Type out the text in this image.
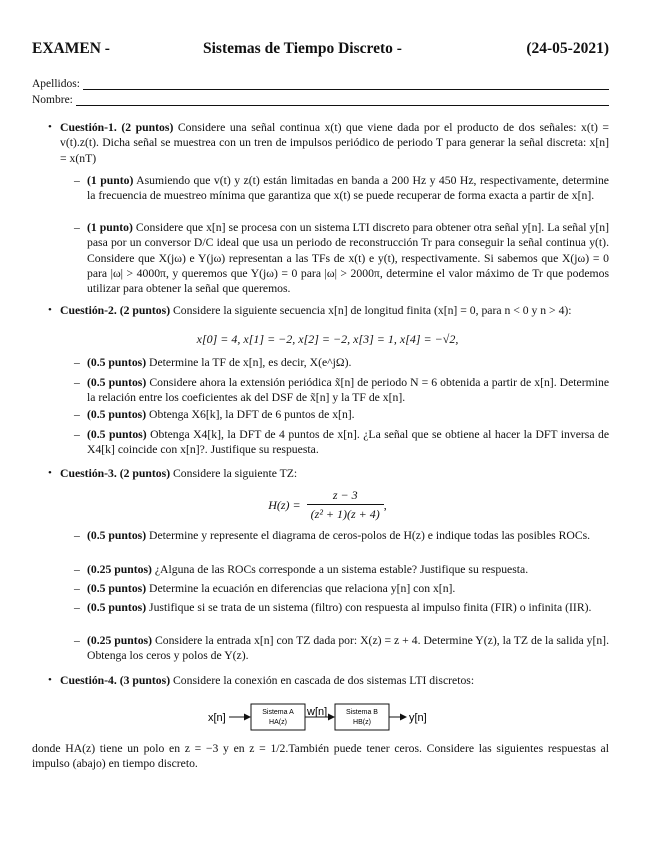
EXAMEN -	Sistemas de Tiempo Discreto -	(24-05-2021)
Apellidos:
Nombre:
• Cuestión-1. (2 puntos) Considere una señal continua x(t) que viene dada por el producto de dos señales: x(t) = v(t).z(t). Dicha señal se muestrea con un tren de impulsos periódico de periodo T para generar la señal discreta: x[n] = x(nT)
– (1 punto) Asumiendo que v(t) y z(t) están limitadas en banda a 200 Hz y 450 Hz, respectivamente, determine la frecuencia de muestreo mínima que garantiza que x(t) se puede recuperar de forma exacta a partir de x[n].
– (1 punto) Considere que x[n] se procesa con un sistema LTI discreto para obtener otra señal y[n]. La señal y[n] pasa por un conversor D/C ideal que usa un periodo de reconstrucción Tr para conseguir la señal continua y(t). Considere que X(jω) e Y(jω) representan a las TFs de x(t) e y(t), respectivamente. Si sabemos que X(jω) = 0 para |ω| > 4000π, y queremos que Y(jω) = 0 para |ω| > 2000π, determine el valor máximo de Tr que podemos utilizar para obtener la señal que queremos.
• Cuestión-2. (2 puntos) Considere la siguiente secuencia x[n] de longitud finita (x[n] = 0, para n < 0 y n > 4):
x[0] = 4, x[1] = −2, x[2] = −2, x[3] = 1, x[4] = −√2,
– (0.5 puntos) Determine la TF de x[n], es decir, X(e^jΩ).
– (0.5 puntos) Considere ahora la extensión periódica x̃[n] de periodo N = 6 obtenida a partir de x[n]. Determine la relación entre los coeficientes ak del DSF de x̃[n] y la TF de x[n].
– (0.5 puntos) Obtenga X6[k], la DFT de 6 puntos de x[n].
– (0.5 puntos) Obtenga X4[k], la DFT de 4 puntos de x[n]. ¿La señal que se obtiene al hacer la DFT inversa de X4[k] coincide con x[n]?. Justifique su respuesta.
• Cuestión-3. (2 puntos) Considere la siguiente TZ:
$H(z) = \frac{z - 3}{\text{(z² + 1)(z + 4)}}$ ,
– (0.5 puntos) Determine y represente el diagrama de ceros-polos de H(z) e indique todas las posibles ROCs.
– (0.25 puntos) ¿Alguna de las ROCs corresponde a un sistema estable? Justifique su respuesta.
– (0.5 puntos) Determine la ecuación en diferencias que relaciona y[n] con x[n].
– (0.5 puntos) Justifique si se trata de un sistema (filtro) con respuesta al impulso finita (FIR) o infinita (IIR).
– (0.25 puntos) Considere la entrada x[n] con TZ dada por: X(z) = z + 4. Determine Y(z), la TZ de la salida y[n]. Obtenga los ceros y polos de Y(z).
• Cuestión-4. (3 puntos) Considere la conexión en cascada de dos sistemas LTI discretos:
x[n]	Sistema A
HA(z)
w[n]	Sistema B
HB(z)	y[n]
donde HA(z) tiene un polo en z = −3 y en z = 1/2.También puede tener ceros. Considere las siguientes respuestas al impulso (abajo) en tiempo discreto.
